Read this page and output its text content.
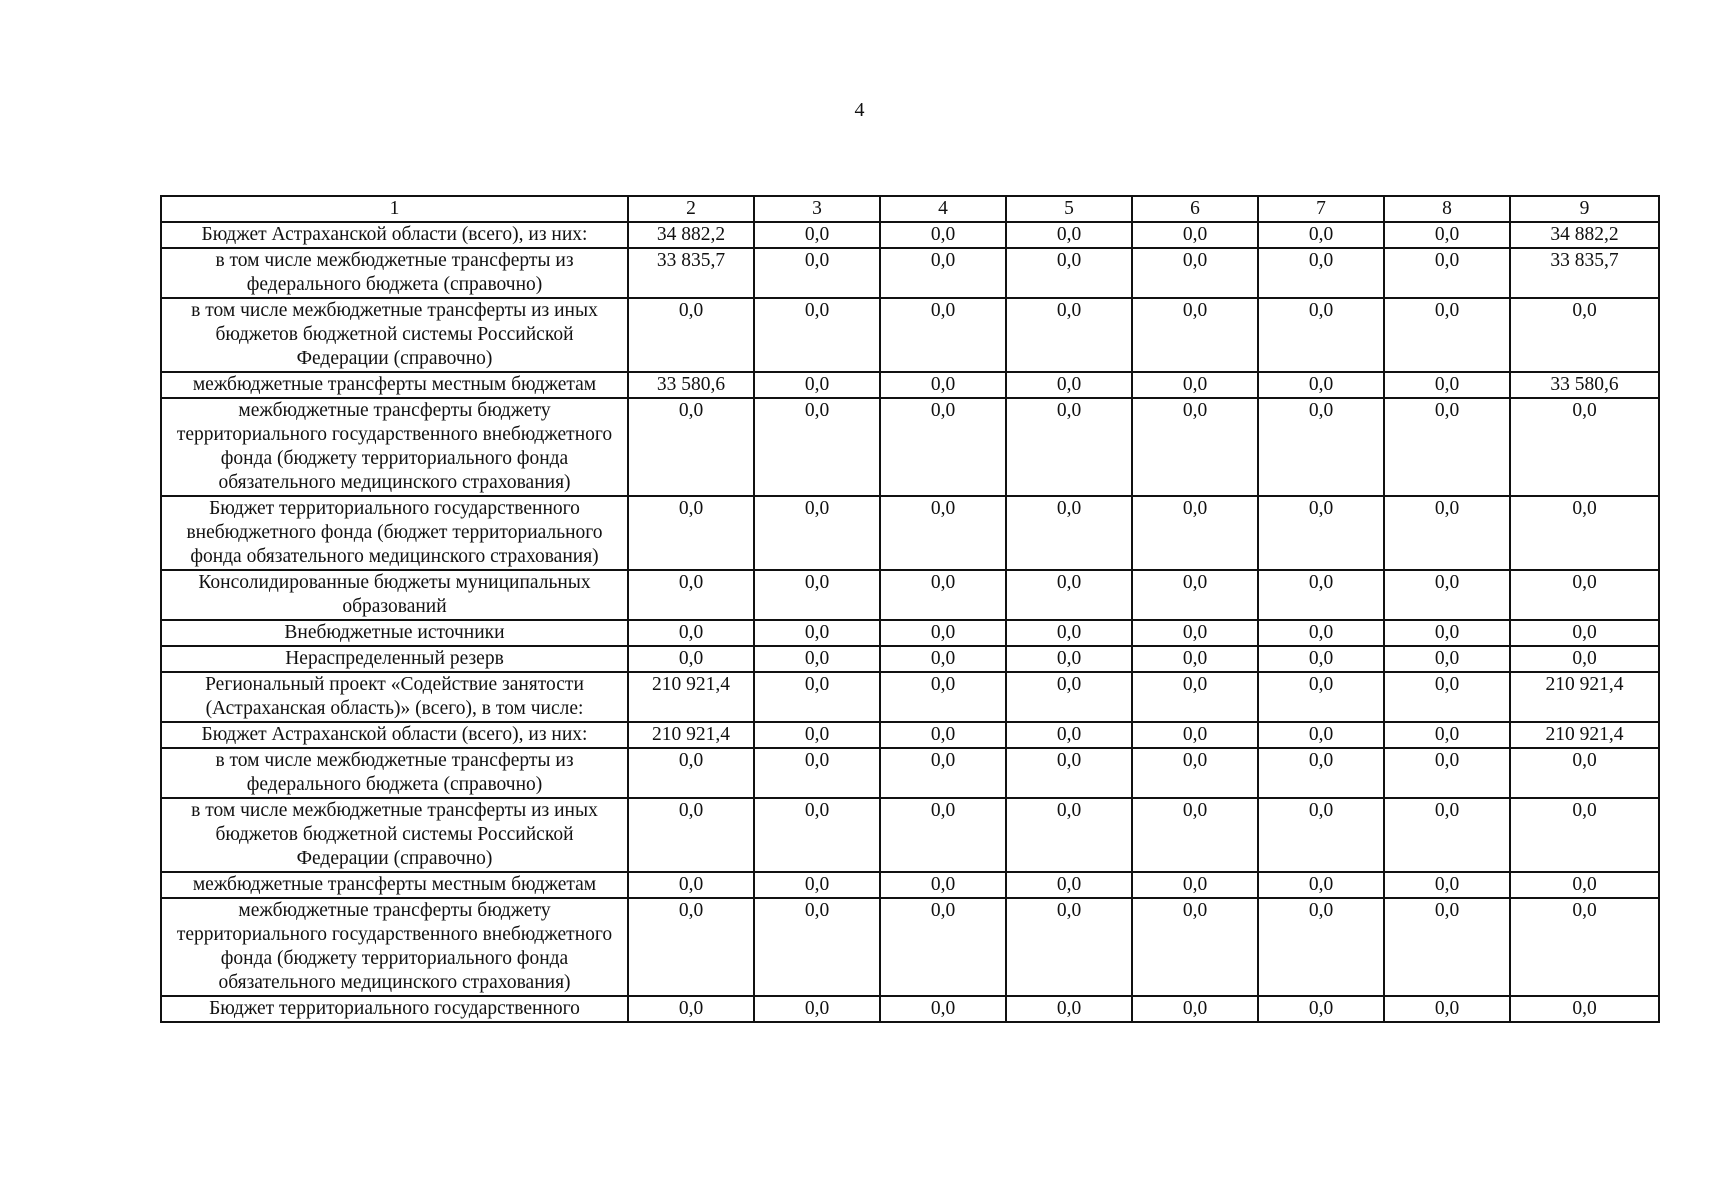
4
1	2	3	4	5	6	7	8	9
Бюджет Астраханской области (всего), из них:	34 882,2	0,0	0,0	0,0	0,0	0,0	0,0	34 882,2
в том числе межбюджетные трансферты из федерального бюджета (справочно)	33 835,7	0,0	0,0	0,0	0,0	0,0	0,0	33 835,7
в том числе межбюджетные трансферты из иных бюджетов бюджетной системы Российской Федерации (справочно)	0,0	0,0	0,0	0,0	0,0	0,0	0,0	0,0
межбюджетные трансферты местным бюджетам	33 580,6	0,0	0,0	0,0	0,0	0,0	0,0	33 580,6
межбюджетные трансферты бюджету территориального государственного внебюджетного фонда (бюджету территориального фонда обязательного медицинского страхования)	0,0	0,0	0,0	0,0	0,0	0,0	0,0	0,0
Бюджет территориального государственного внебюджетного фонда (бюджет территориального фонда обязательного медицинского страхования)	0,0	0,0	0,0	0,0	0,0	0,0	0,0	0,0
Консолидированные бюджеты муниципальных образований	0,0	0,0	0,0	0,0	0,0	0,0	0,0	0,0
Внебюджетные источники	0,0	0,0	0,0	0,0	0,0	0,0	0,0	0,0
Нераспределенный резерв	0,0	0,0	0,0	0,0	0,0	0,0	0,0	0,0
Региональный проект «Содействие занятости (Астраханская область)» (всего), в том числе:	210 921,4	0,0	0,0	0,0	0,0	0,0	0,0	210 921,4
Бюджет Астраханской области (всего), из них:	210 921,4	0,0	0,0	0,0	0,0	0,0	0,0	210 921,4
в том числе межбюджетные трансферты из федерального бюджета (справочно)	0,0	0,0	0,0	0,0	0,0	0,0	0,0	0,0
в том числе межбюджетные трансферты из иных бюджетов бюджетной системы Российской Федерации (справочно)	0,0	0,0	0,0	0,0	0,0	0,0	0,0	0,0
межбюджетные трансферты местным бюджетам	0,0	0,0	0,0	0,0	0,0	0,0	0,0	0,0
межбюджетные трансферты бюджету территориального государственного внебюджетного фонда (бюджету территориального фонда обязательного медицинского страхования)	0,0	0,0	0,0	0,0	0,0	0,0	0,0	0,0
Бюджет территориального государственного	0,0	0,0	0,0	0,0	0,0	0,0	0,0	0,0
